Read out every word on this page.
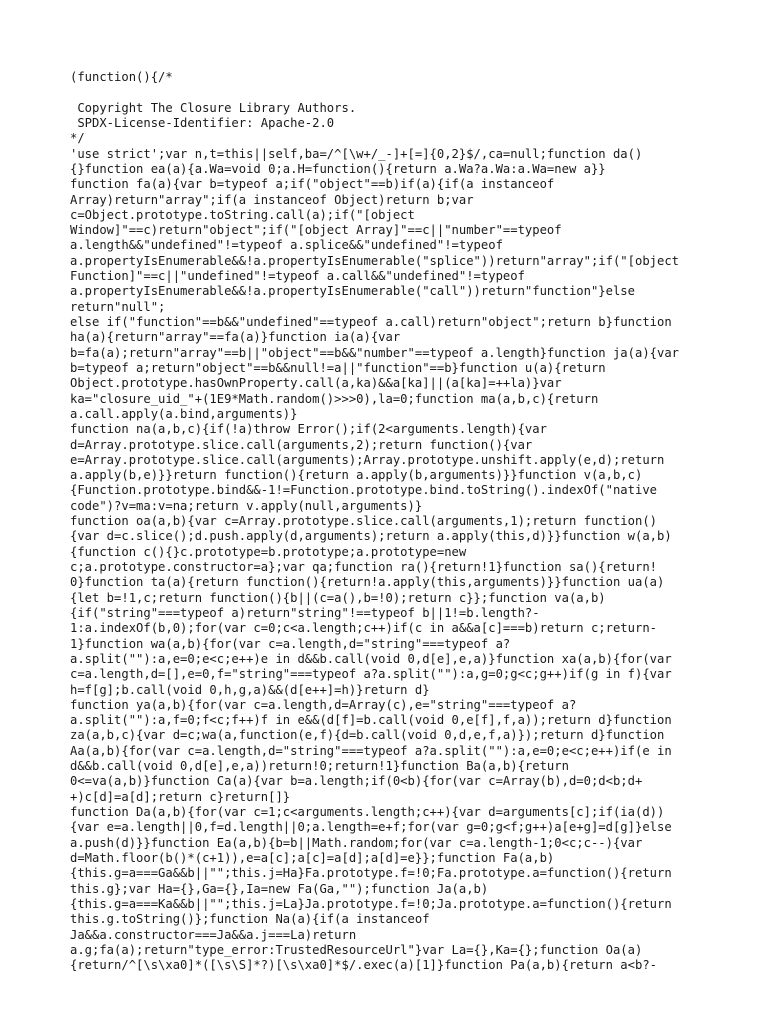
(function(){/*

Copyright The Closure Library Authors.
SPDX-License-Identifier: Apache-2.0
*/
'use strict';var n,t=this||self,ba=/^[\w+/_-]+[=]{0,2}$/,ca=null;function da()
{}function ea(a){a.Wa=void 0;a.H=function(){return a.Wa?a.Wa:a.Wa=new a}}
function fa(a){var b=typeof a;if("object"==b)if(a){if(a instanceof
Array)return"array";if(a instanceof Object)return b;var
c=Object.prototype.toString.call(a);if("[object
Window]"==c)return"object";if("[object Array]"==c||"number"==typeof
a.length&&"undefined"!=typeof a.splice&&"undefined"!=typeof
a.propertyIsEnumerable&&!a.propertyIsEnumerable("splice"))return"array";if("[object
Function]"==c||"undefined"!=typeof a.call&&"undefined"!=typeof
a.propertyIsEnumerable&&!a.propertyIsEnumerable("call"))return"function"}else
return"null";
else if("function"==b&&"undefined"==typeof a.call)return"object";return b}function
ha(a){return"array"==fa(a)}function ia(a){var
b=fa(a);return"array"==b||"object"==b&&"number"==typeof a.length}function ja(a){var
b=typeof a;return"object"==b&&null!=a||"function"==b}function u(a){return
Object.prototype.hasOwnProperty.call(a,ka)&&a[ka]||(a[ka]=++la)}var
ka="closure_uid_"+(1E9*Math.random()>>>0),la=0;function ma(a,b,c){return
a.call.apply(a.bind,arguments)}
function na(a,b,c){if(!a)throw Error();if(2<arguments.length){var
d=Array.prototype.slice.call(arguments,2);return function(){var
e=Array.prototype.slice.call(arguments);Array.prototype.unshift.apply(e,d);return
a.apply(b,e)}}return function(){return a.apply(b,arguments)}}function v(a,b,c)
{Function.prototype.bind&&-1!=Function.prototype.bind.toString().indexOf("native
code")?v=ma:v=na;return v.apply(null,arguments)}
function oa(a,b){var c=Array.prototype.slice.call(arguments,1);return function()
{var d=c.slice();d.push.apply(d,arguments);return a.apply(this,d)}}function w(a,b)
{function c(){}c.prototype=b.prototype;a.prototype=new
c;a.prototype.constructor=a};var qa;function ra(){return!1}function sa(){return!
0}function ta(a){return function(){return!a.apply(this,arguments)}}function ua(a)
{let b=!1,c;return function(){b||(c=a(),b=!0);return c}};function va(a,b)
{if("string"===typeof a)return"string"!==typeof b||1!=b.length?-
1:a.indexOf(b,0);for(var c=0;c<a.length;c++)if(c in a&&a[c]===b)return c;return-
1}function wa(a,b){for(var c=a.length,d="string"===typeof a?
a.split(""):a,e=0;e<c;e++)e in d&&b.call(void 0,d[e],e,a)}function xa(a,b){for(var
c=a.length,d=[],e=0,f="string"===typeof a?a.split(""):a,g=0;g<c;g++)if(g in f){var
h=f[g];b.call(void 0,h,g,a)&&(d[e++]=h)}return d}
function ya(a,b){for(var c=a.length,d=Array(c),e="string"===typeof a?
a.split(""):a,f=0;f<c;f++)f in e&&(d[f]=b.call(void 0,e[f],f,a));return d}function
za(a,b,c){var d=c;wa(a,function(e,f){d=b.call(void 0,d,e,f,a)});return d}function
Aa(a,b){for(var c=a.length,d="string"===typeof a?a.split(""):a,e=0;e<c;e++)if(e in
d&&b.call(void 0,d[e],e,a))return!0;return!1}function Ba(a,b){return
0<=va(a,b)}function Ca(a){var b=a.length;if(0<b){for(var c=Array(b),d=0;d<b;d+
+)c[d]=a[d];return c}return[]}
function Da(a,b){for(var c=1;c<arguments.length;c++){var d=arguments[c];if(ia(d))
{var e=a.length||0,f=d.length||0;a.length=e+f;for(var g=0;g<f;g++)a[e+g]=d[g]}else
a.push(d)}}function Ea(a,b){b=b||Math.random;for(var c=a.length-1;0<c;c--){var
d=Math.floor(b()*(c+1)),e=a[c];a[c]=a[d];a[d]=e}};function Fa(a,b)
{this.g=a===Ga&&b||"";this.j=Ha}Fa.prototype.f=!0;Fa.prototype.a=function(){return
this.g};var Ha={},Ga={},Ia=new Fa(Ga,"");function Ja(a,b)
{this.g=a===Ka&&b||"";this.j=La}Ja.prototype.f=!0;Ja.prototype.a=function(){return
this.g.toString()};function Na(a){if(a instanceof
Ja&&a.constructor===Ja&&a.j===La)return
a.g;fa(a);return"type_error:TrustedResourceUrl"}var La={},Ka={};function Oa(a)
{return/^[\s\xa0]*([\s\S]*?)[\s\xa0]*$/.exec(a)[1]}function Pa(a,b){return a<b?-
